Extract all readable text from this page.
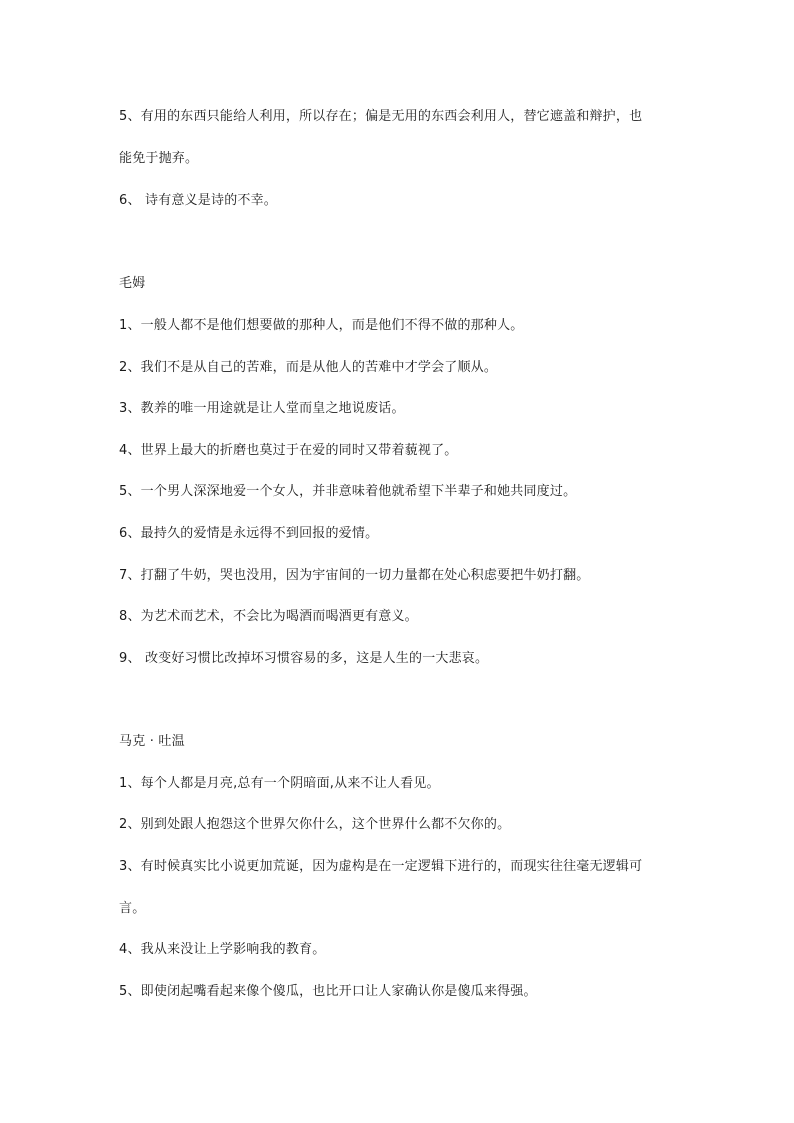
5、有用的东西只能给人利用，所以存在；偏是无用的东西会利用人，替它遮盖和辩护，也
能免于抛弃。
6、 诗有意义是诗的不幸。
毛姆
1、一般人都不是他们想要做的那种人，而是他们不得不做的那种人。
2、我们不是从自己的苦难，而是从他人的苦难中才学会了顺从。
3、教养的唯一用途就是让人堂而皇之地说废话。
4、世界上最大的折磨也莫过于在爱的同时又带着藐视了。
5、一个男人深深地爱一个女人，并非意味着他就希望下半辈子和她共同度过。
6、最持久的爱情是永远得不到回报的爱情。
7、打翻了牛奶，哭也没用，因为宇宙间的一切力量都在处心积虑要把牛奶打翻。
8、为艺术而艺术，不会比为喝酒而喝酒更有意义。
9、 改变好习惯比改掉坏习惯容易的多，这是人生的一大悲哀。
马克 · 吐温
1、每个人都是月亮,总有一个阴暗面,从来不让人看见。
2、别到处跟人抱怨这个世界欠你什么，这个世界什么都不欠你的。
3、有时候真实比小说更加荒诞，因为虚构是在一定逻辑下进行的，而现实往往毫无逻辑可
言。
4、我从来没让上学影响我的教育。
5、即使闭起嘴看起来像个傻瓜，也比开口让人家确认你是傻瓜来得强。
